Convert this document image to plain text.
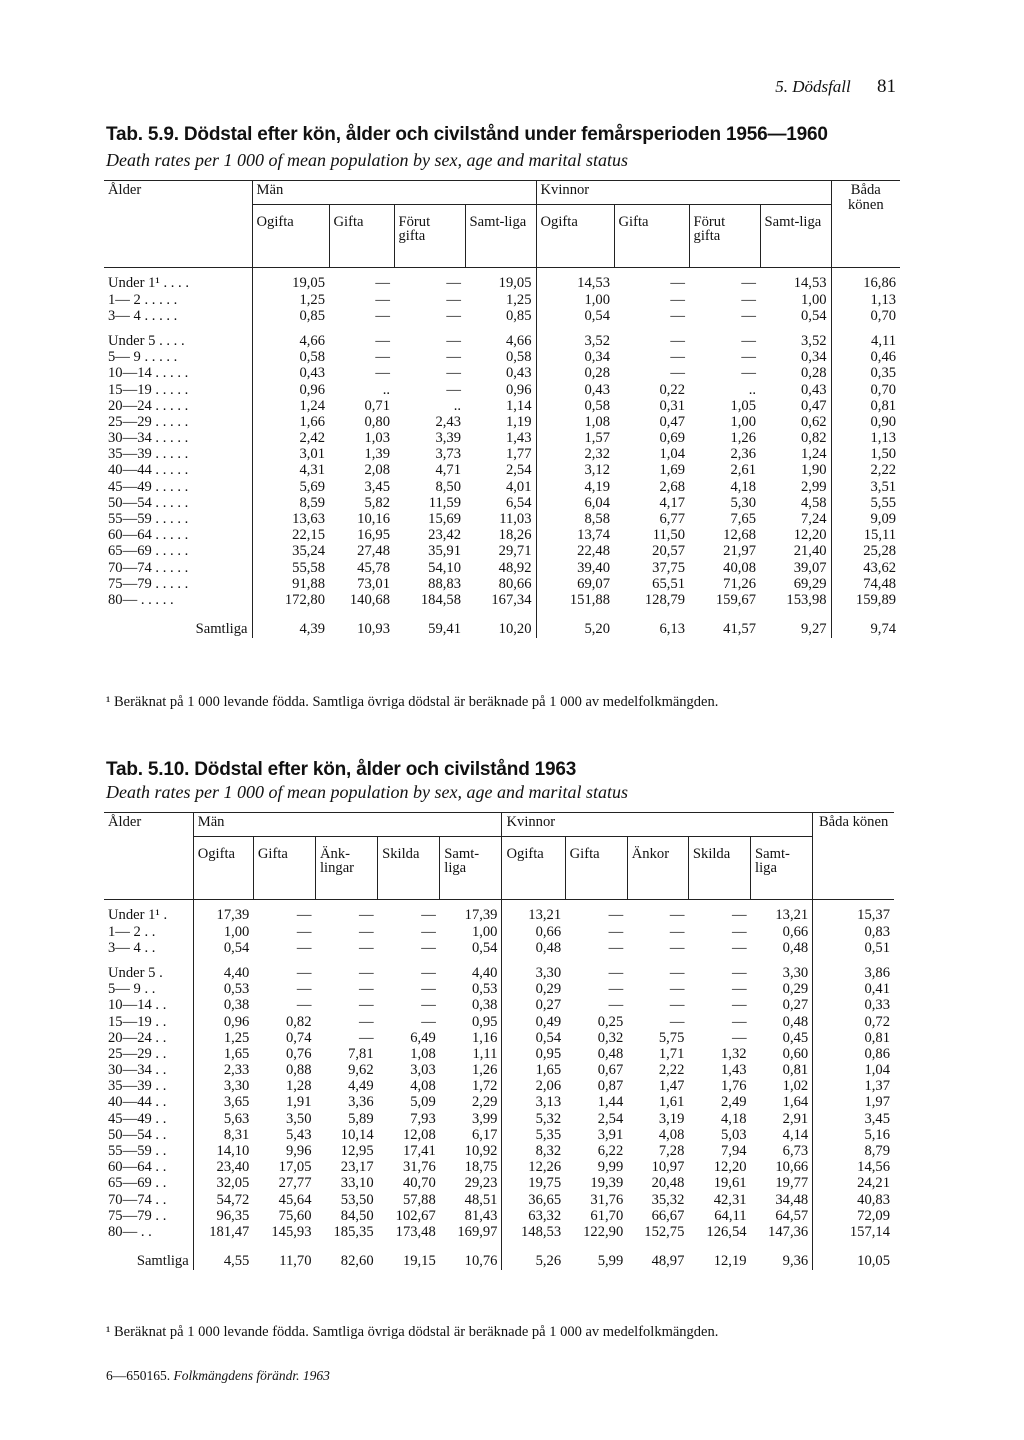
5. Dödsfall 81
Tab. 5.9. Dödstal efter kön, ålder och civilstånd under femårsperioden 1956—1960
Death rates per 1 000 of mean population by sex, age and marital status
Ålder	Män				Kvinnor				Båda könen
	Ogifta	Gifta	Förut gifta	Samt-liga	Ogifta	Gifta	Förut gifta	Samt-liga	
Under 1¹ . . . .	19,05	—	—	19,05	14,53	—	—	14,53	16,86
1— 2 . . . . .	1,25	—	—	1,25	1,00	—	—	1,00	1,13
3— 4 . . . . .	0,85	—	—	0,85	0,54	—	—	0,54	0,70

Under 5 . . . .	4,66	—	—	4,66	3,52	—	—	3,52	4,11
5— 9 . . . . .	0,58	—	—	0,58	0,34	—	—	0,34	0,46
10—14 . . . . .	0,43	—	—	0,43	0,28	—	—	0,28	0,35
15—19 . . . . .	0,96	..	—	0,96	0,43	0,22	..	0,43	0,70
20—24 . . . . .	1,24	0,71	..	1,14	0,58	0,31	1,05	0,47	0,81
25—29 . . . . .	1,66	0,80	2,43	1,19	1,08	0,47	1,00	0,62	0,90
30—34 . . . . .	2,42	1,03	3,39	1,43	1,57	0,69	1,26	0,82	1,13
35—39 . . . . .	3,01	1,39	3,73	1,77	2,32	1,04	2,36	1,24	1,50
40—44 . . . . .	4,31	2,08	4,71	2,54	3,12	1,69	2,61	1,90	2,22
45—49 . . . . .	5,69	3,45	8,50	4,01	4,19	2,68	4,18	2,99	3,51
50—54 . . . . .	8,59	5,82	11,59	6,54	6,04	4,17	5,30	4,58	5,55
55—59 . . . . .	13,63	10,16	15,69	11,03	8,58	6,77	7,65	7,24	9,09
60—64 . . . . .	22,15	16,95	23,42	18,26	13,74	11,50	12,68	12,20	15,11
65—69 . . . . .	35,24	27,48	35,91	29,71	22,48	20,57	21,97	21,40	25,28
70—74 . . . . .	55,58	45,78	54,10	48,92	39,40	37,75	40,08	39,07	43,62
75—79 . . . . .	91,88	73,01	88,83	80,66	69,07	65,51	71,26	69,29	74,48
80— . . . . .	172,80	140,68	184,58	167,34	151,88	128,79	159,67	153,98	159,89

Samtliga	4,39	10,93	59,41	10,20	5,20	6,13	41,57	9,27	9,74
¹ Beräknat på 1 000 levande födda. Samtliga övriga dödstal är beräknade på 1 000 av medelfolkmängden.
Tab. 5.10. Dödstal efter kön, ålder och civilstånd 1963
Death rates per 1 000 of mean population by sex, age and marital status
Ålder	Män					Kvinnor					Båda könen
	Ogifta	Gifta	Änk-lingar	Skilda	Samt-liga	Ogifta	Gifta	Änkor	Skilda	Samt-liga	
Under 1¹ .	17,39	—	—	—	17,39	13,21	—	—	—	13,21	15,37
1— 2 . .	1,00	—	—	—	1,00	0,66	—	—	—	0,66	0,83
3— 4 . .	0,54	—	—	—	0,54	0,48	—	—	—	0,48	0,51

Under 5 .	4,40	—	—	—	4,40	3,30	—	—	—	3,30	3,86
5— 9 . .	0,53	—	—	—	0,53	0,29	—	—	—	0,29	0,41
10—14 . .	0,38	—	—	—	0,38	0,27	—	—	—	0,27	0,33
15—19 . .	0,96	0,82	—	—	0,95	0,49	0,25	—	—	0,48	0,72
20—24 . .	1,25	0,74	—	6,49	1,16	0,54	0,32	5,75	—	0,45	0,81
25—29 . .	1,65	0,76	7,81	1,08	1,11	0,95	0,48	1,71	1,32	0,60	0,86
30—34 . .	2,33	0,88	9,62	3,03	1,26	1,65	0,67	2,22	1,43	0,81	1,04
35—39 . .	3,30	1,28	4,49	4,08	1,72	2,06	0,87	1,47	1,76	1,02	1,37
40—44 . .	3,65	1,91	3,36	5,09	2,29	3,13	1,44	1,61	2,49	1,64	1,97
45—49 . .	5,63	3,50	5,89	7,93	3,99	5,32	2,54	3,19	4,18	2,91	3,45
50—54 . .	8,31	5,43	10,14	12,08	6,17	5,35	3,91	4,08	5,03	4,14	5,16
55—59 . .	14,10	9,96	12,95	17,41	10,92	8,32	6,22	7,28	7,94	6,73	8,79
60—64 . .	23,40	17,05	23,17	31,76	18,75	12,26	9,99	10,97	12,20	10,66	14,56
65—69 . .	32,05	27,77	33,10	40,70	29,23	19,75	19,39	20,48	19,61	19,77	24,21
70—74 . .	54,72	45,64	53,50	57,88	48,51	36,65	31,76	35,32	42,31	34,48	40,83
75—79 . .	96,35	75,60	84,50	102,67	81,43	63,32	61,70	66,67	64,11	64,57	72,09
80— . .	181,47	145,93	185,35	173,48	169,97	148,53	122,90	152,75	126,54	147,36	157,14

Samtliga	4,55	11,70	82,60	19,15	10,76	5,26	5,99	48,97	12,19	9,36	10,05
¹ Beräknat på 1 000 levande födda. Samtliga övriga dödstal är beräknade på 1 000 av medelfolkmängden.
6—650165. Folkmängdens förändr. 1963
